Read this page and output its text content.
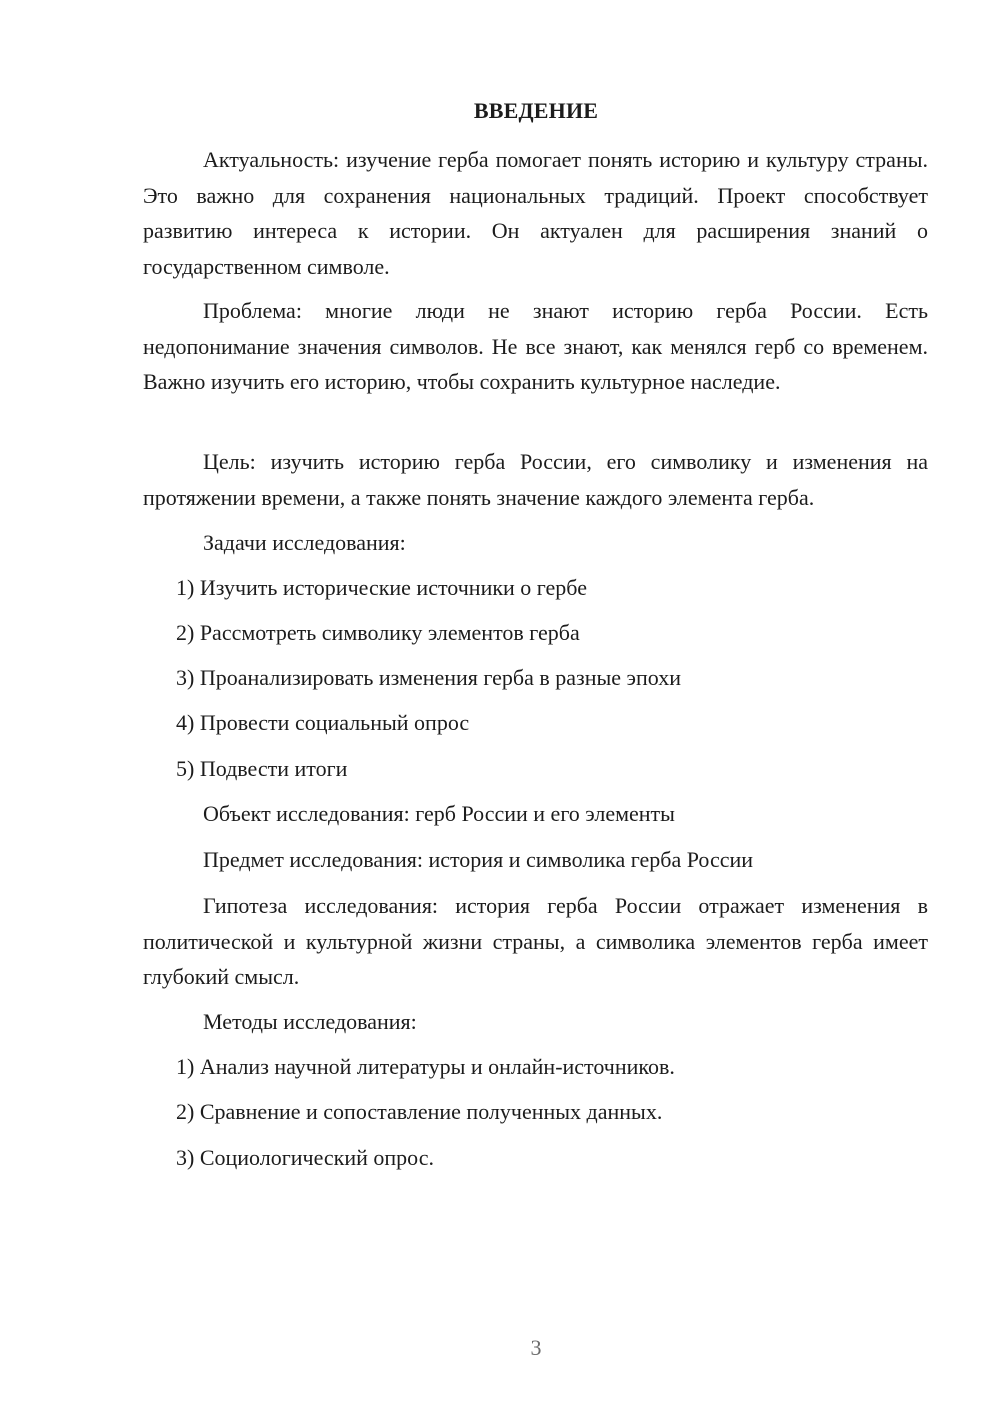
ВВЕДЕНИЕ
Актуальность: изучение герба помогает понять историю и культуру страны. Это важно для сохранения национальных традиций. Проект способствует развитию интереса к истории. Он актуален для расширения знаний о государственном символе.
Проблема: многие люди не знают историю герба России. Есть недопонимание значения символов. Не все знают, как менялся герб со временем. Важно изучить его историю, чтобы сохранить культурное наследие.
Цель: изучить историю герба России, его символику и изменения на протяжении времени, а также понять значение каждого элемента герба.
Задачи исследования:
1) Изучить исторические источники о гербе
2) Рассмотреть символику элементов герба
3) Проанализировать изменения герба в разные эпохи
4) Провести социальный опрос
5) Подвести итоги
Объект исследования: герб России и его элементы
Предмет исследования: история и символика герба России
Гипотеза исследования: история герба России отражает изменения в политической и культурной жизни страны, а символика элементов герба имеет глубокий смысл.
Методы исследования:
1) Анализ научной литературы и онлайн-источников.
2) Сравнение и сопоставление полученных данных.
3) Социологический опрос.
3
